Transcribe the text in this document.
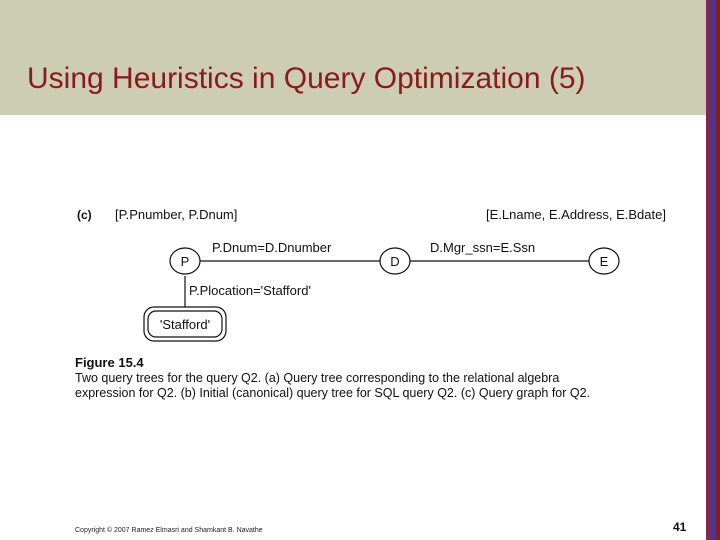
Using Heuristics in Query Optimization (5)
(c) [P.Pnumber, P.Dnum]	[E.Lname, E.Address, E.Bdate]
P.Dnum=D.Dnumber	D.Mgr_ssn=E.Ssn
P.Plocation='Stafford'
P	D	E
'Stafford'
Figure 15.4
Two query trees for the query Q2. (a) Query tree corresponding to the relational algebra
expression for Q2. (b) Initial (canonical) query tree for SQL query Q2. (c) Query graph for Q2.
Copyright © 2007 Ramez Elmasri and Shamkant B. Navathe	41
